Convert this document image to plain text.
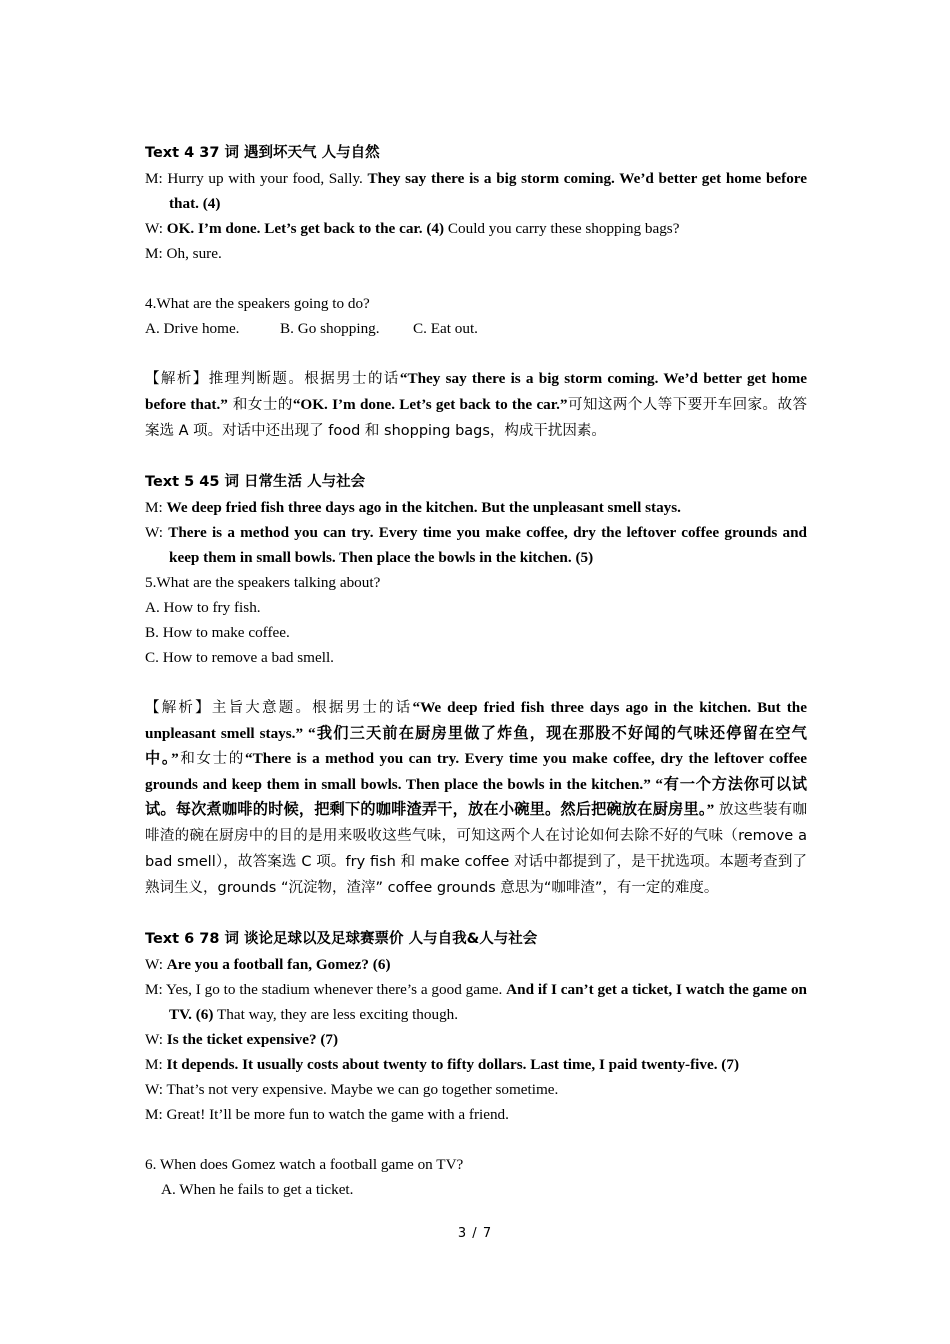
Text 4 37 词 遇到坏天气 人与自然
M: Hurry up with your food, Sally. They say there is a big storm coming. We’d better get home before that. (4)
W: OK. I’m done. Let’s get back to the car. (4) Could you carry these shopping bags?
M: Oh, sure.
4.What are the speakers going to do?
A. Drive home.	B. Go shopping. C. Eat out.
【解析】推理判断题。根据男士的话“They say there is a big storm coming. We’d better get home before that.” 和女士的“OK. I’m done. Let’s get back to the car.”可知这两个人等下要开车回家。故答案选 A 项。对话中还出现了 food 和 shopping bags，构成干扰因素。
Text 5 45 词 日常生活 人与社会
M: We deep fried fish three days ago in the kitchen. But the unpleasant smell stays.
W: There is a method you can try. Every time you make coffee, dry the leftover coffee grounds and keep them in small bowls. Then place the bowls in the kitchen. (5)
5.What are the speakers talking about?
A. How to fry fish.
B. How to make coffee.
C. How to remove a bad smell.
【解析】主旨大意题。根据男士的话“We deep fried fish three days ago in the kitchen. But the unpleasant smell stays.” “我们三天前在厨房里做了炸鱼，现在那股不好闻的气味还停留在空气中。”和女士的“There is a method you can try. Every time you make coffee, dry the leftover coffee grounds and keep them in small bowls. Then place the bowls in the kitchen.” “有一个方法你可以试试。每次煮咖啡的时候，把剩下的咖啡渣弄干，放在小碗里。然后把碗放在厨房里。” 放这些装有咖啡渣的碗在厨房中的目的是用来吸收这些气味，可知这两个人在讨论如何去除不好的气味（remove a bad smell），故答案选 C 项。fry fish 和 make coffee 对话中都提到了，是干扰选项。本题考查到了熟词生义，grounds “沉淀物，渣滓” coffee grounds 意思为“咖啡渣”，有一定的难度。
Text 6 78 词 谈论足球以及足球赛票价 人与自我&人与社会
W: Are you a football fan, Gomez? (6)
M: Yes, I go to the stadium whenever there’s a good game. And if I can’t get a ticket, I watch the game on TV. (6) That way, they are less exciting though.
W: Is the ticket expensive? (7)
M: It depends. It usually costs about twenty to fifty dollars. Last time, I paid twenty-five. (7)
W: That’s not very expensive. Maybe we can go together sometime.
M: Great! It’ll be more fun to watch the game with a friend.
6. When does Gomez watch a football game on TV?
A. When he fails to get a ticket.
3 / 7
